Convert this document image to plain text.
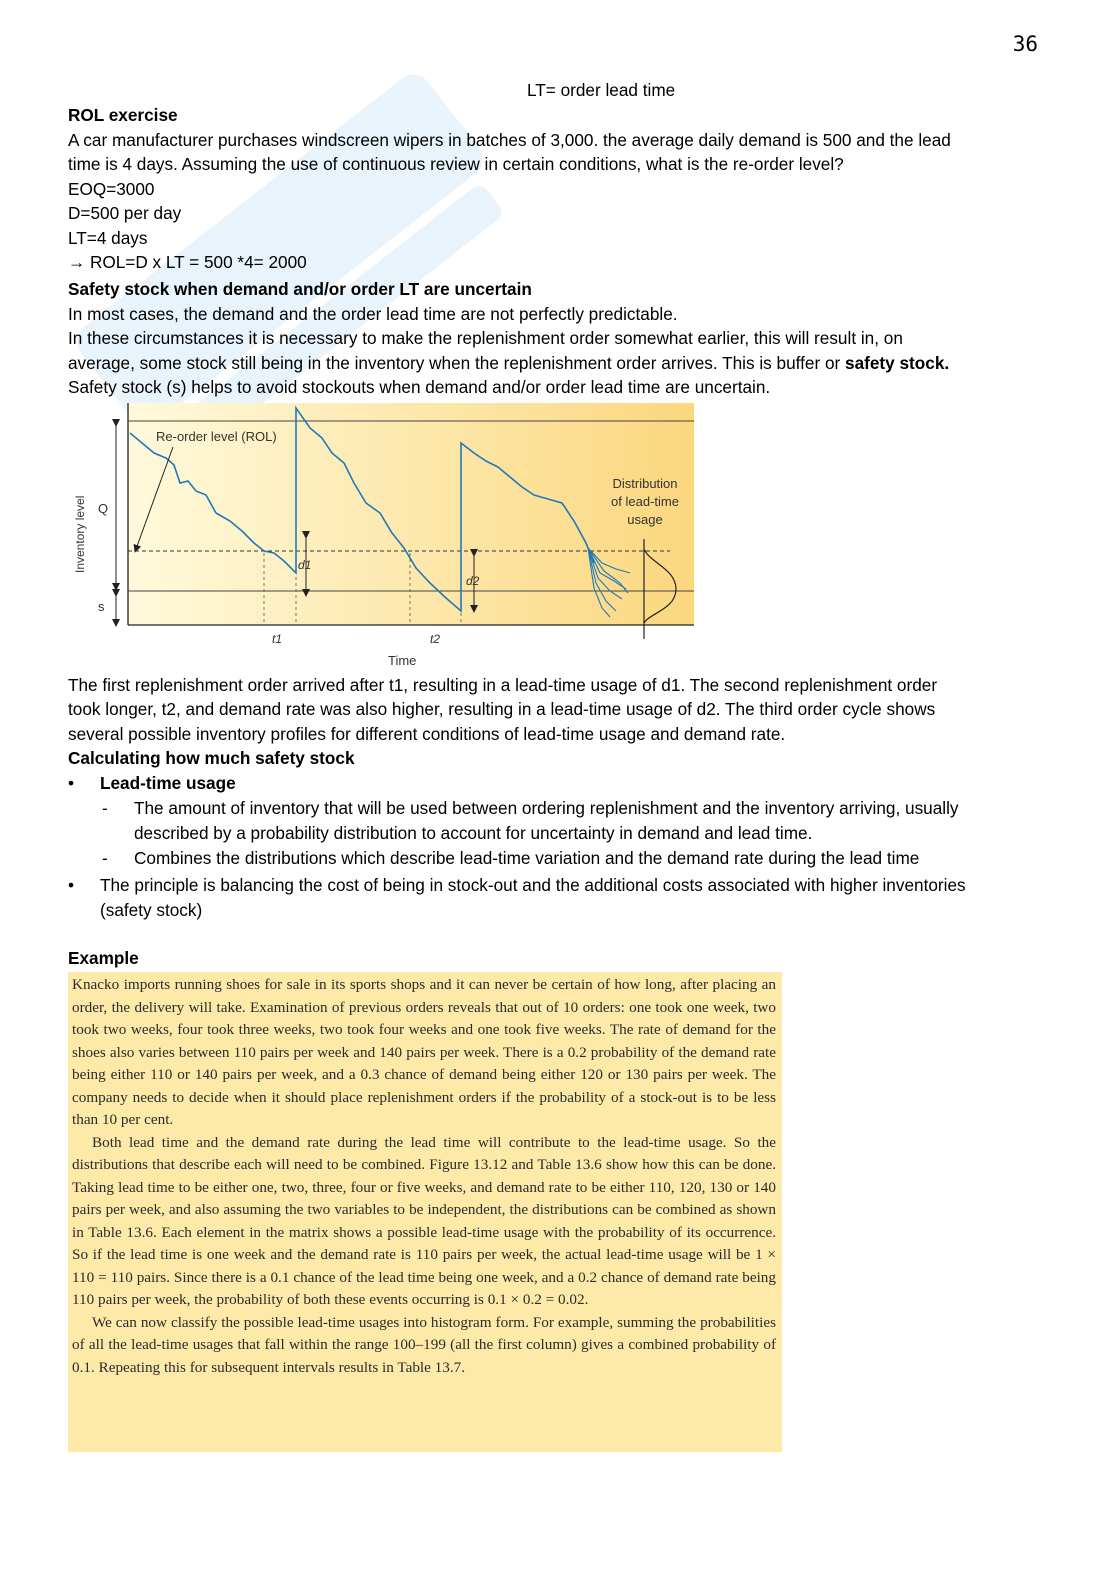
36
LT= order lead time
ROL exercise
A car manufacturer purchases windscreen wipers in batches of 3,000. the average daily demand is 500 and the lead
time is 4 days. Assuming the use of continuous review in certain conditions, what is the re-order level?
EOQ=3000
D=500 per day
LT=4 days
→ ROL=D x LT = 500 *4= 2000
Safety stock when demand and/or order LT are uncertain
In most cases, the demand and the order lead time are not perfectly predictable.
In these circumstances it is necessary to make the replenishment order somewhat earlier, this will result in, on
average, some stock still being in the inventory when the replenishment order arrives. This is buffer or safety stock.
Safety stock (s) helps to avoid stockouts when demand and/or order lead time are uncertain.
Re-order level (ROL)
Inventory level Q
s
d1
d2
t1	t2
Time
Distribution
of lead-time
usage
The first replenishment order arrived after t1, resulting in a lead-time usage of d1. The second replenishment order
took longer, t2, and demand rate was also higher, resulting in a lead-time usage of d2. The third order cycle shows
several possible inventory profiles for different conditions of lead-time usage and demand rate.
Calculating how much safety stock
• Lead-time usage
- The amount of inventory that will be used between ordering replenishment and the inventory arriving, usually
described by a probability distribution to account for uncertainty in demand and lead time.
- Combines the distributions which describe lead-time variation and the demand rate during the lead time
• The principle is balancing the cost of being in stock-out and the additional costs associated with higher inventories
(safety stock)
Example

Knacko imports running shoes for sale in its sports shops and it can never be certain of how long, after placing an order, the delivery will take. Examination of previous orders reveals that out of 10 orders: one took one week, two took two weeks, four took three weeks, two took four weeks and one took five weeks. The rate of demand for the shoes also varies between 110 pairs per week and 140 pairs per week. There is a 0.2 probability of the demand rate being either 110 or 140 pairs per week, and a 0.3 chance of demand being either 120 or 130 pairs per week. The company needs to decide when it should place replenishment orders if the probability of a stock-out is to be less than 10 per cent.

Both lead time and the demand rate during the lead time will contribute to the lead-time usage. So the distributions that describe each will need to be combined. Figure 13.12 and Table 13.6 show how this can be done. Taking lead time to be either one, two, three, four or five weeks, and demand rate to be either 110, 120, 130 or 140 pairs per week, and also assuming the two variables to be independent, the distributions can be combined as shown in Table 13.6. Each element in the matrix shows a possible lead-time usage with the probability of its occurrence. So if the lead time is one week and the demand rate is 110 pairs per week, the actual lead-time usage will be 1 × 110 = 110 pairs. Since there is a 0.1 chance of the lead time being one week, and a 0.2 chance of demand rate being 110 pairs per week, the probability of both these events occurring is 0.1 × 0.2 = 0.02.

We can now classify the possible lead-time usages into histogram form. For example, summing the probabilities of all the lead-time usages that fall within the range 100–199 (all the first column) gives a combined probability of 0.1. Repeating this for subsequent intervals results in Table 13.7.
